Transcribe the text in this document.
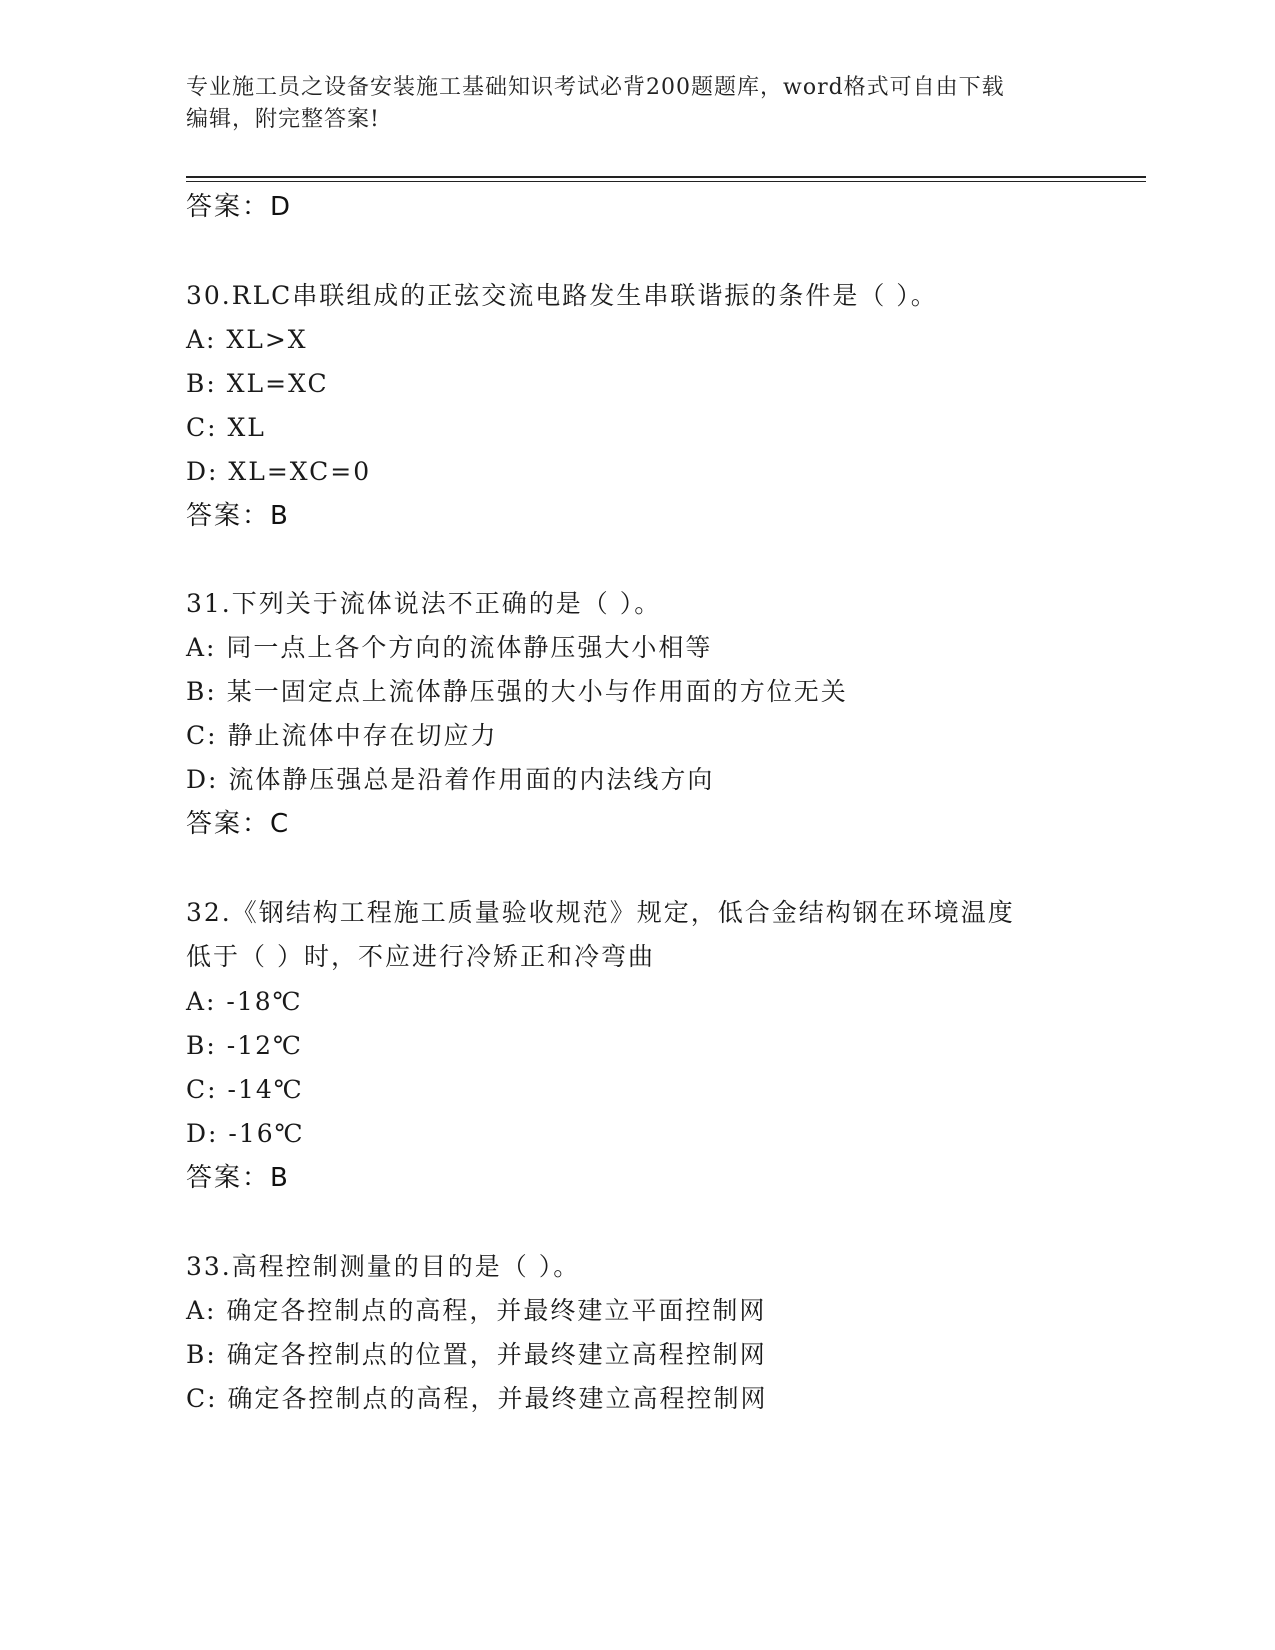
专业施工员之设备安装施工基础知识考试必背200题题库，word格式可自由下载
编辑，附完整答案!
答案：D
30.RLC串联组成的正弦交流电路发生串联谐振的条件是（ ）。
A: XL>X
B: XL=XC
C: XL
D: XL=XC=0
答案：B
31.下列关于流体说法不正确的是（ ）。
A: 同一点上各个方向的流体静压强大小相等
B: 某一固定点上流体静压强的大小与作用面的方位无关
C: 静止流体中存在切应力
D: 流体静压强总是沿着作用面的内法线方向
答案：C
32.《钢结构工程施工质量验收规范》规定，低合金结构钢在环境温度
低于（ ）时，不应进行冷矫正和冷弯曲
A: -18℃
B: -12℃
C: -14℃
D: -16℃
答案：B
33.高程控制测量的目的是（ ）。
A: 确定各控制点的高程，并最终建立平面控制网
B: 确定各控制点的位置，并最终建立高程控制网
C: 确定各控制点的高程，并最终建立高程控制网
